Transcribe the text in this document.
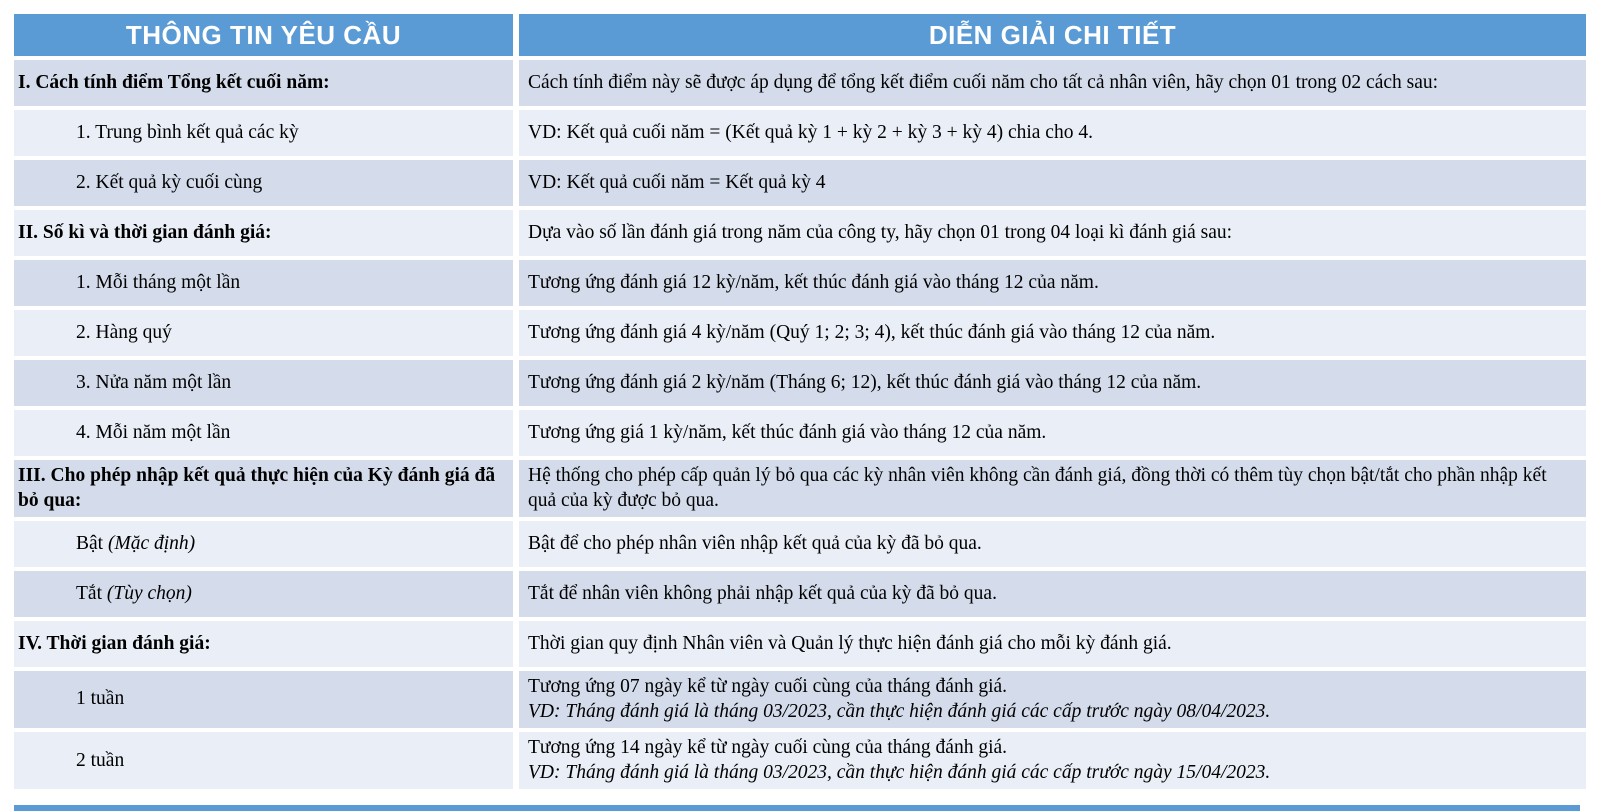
THÔNG TIN YÊU CẦU	DIỄN GIẢI CHI TIẾT
I. Cách tính điểm Tổng kết cuối năm:	Cách tính điểm này sẽ được áp dụng để tổng kết điểm cuối năm cho tất cả nhân viên, hãy chọn 01 trong 02 cách sau:

1. Trung bình kết quả các kỳ	VD: Kết quả cuối năm = (Kết quả kỳ 1 + kỳ 2 + kỳ 3 + kỳ 4) chia cho 4.

2. Kết quả kỳ cuối cùng	VD: Kết quả cuối năm = Kết quả kỳ 4

II. Số kì và thời gian đánh giá:	Dựa vào số lần đánh giá trong năm của công ty, hãy chọn 01 trong 04 loại kì đánh giá sau:

1. Mỗi tháng một lần	Tương ứng đánh giá 12 kỳ/năm, kết thúc đánh giá vào tháng 12 của năm.

2. Hàng quý	Tương ứng đánh giá 4 kỳ/năm (Quý 1; 2; 3; 4), kết thúc đánh giá vào tháng 12 của năm.

3. Nửa năm một lần	Tương ứng đánh giá 2 kỳ/năm (Tháng 6; 12), kết thúc đánh giá vào tháng 12 của năm.

4. Mỗi năm một lần	Tương ứng giá 1 kỳ/năm, kết thúc đánh giá vào tháng 12 của năm.

III. Cho phép nhập kết quả thực hiện của Kỳ đánh giá đã bỏ qua:	Hệ thống cho phép cấp quản lý bỏ qua các kỳ nhân viên không cần đánh giá, đồng thời có thêm tùy chọn bật/tắt cho phần nhập kết quả của kỳ được bỏ qua.

Bật (Mặc định)	Bật để cho phép nhân viên nhập kết quả của kỳ đã bỏ qua.

Tắt (Tùy chọn)	Tắt để nhân viên không phải nhập kết quả của kỳ đã bỏ qua.

IV. Thời gian đánh giá:	Thời gian quy định Nhân viên và Quản lý thực hiện đánh giá cho mỗi kỳ đánh giá.

1 tuần	Tương ứng 07 ngày kể từ ngày cuối cùng của tháng đánh giá.
VD: Tháng đánh giá là tháng 03/2023, cần thực hiện đánh giá các cấp trước ngày 08/04/2023.

2 tuần	Tương ứng 14 ngày kể từ ngày cuối cùng của tháng đánh giá.
VD: Tháng đánh giá là tháng 03/2023, cần thực hiện đánh giá các cấp trước ngày 15/04/2023.
